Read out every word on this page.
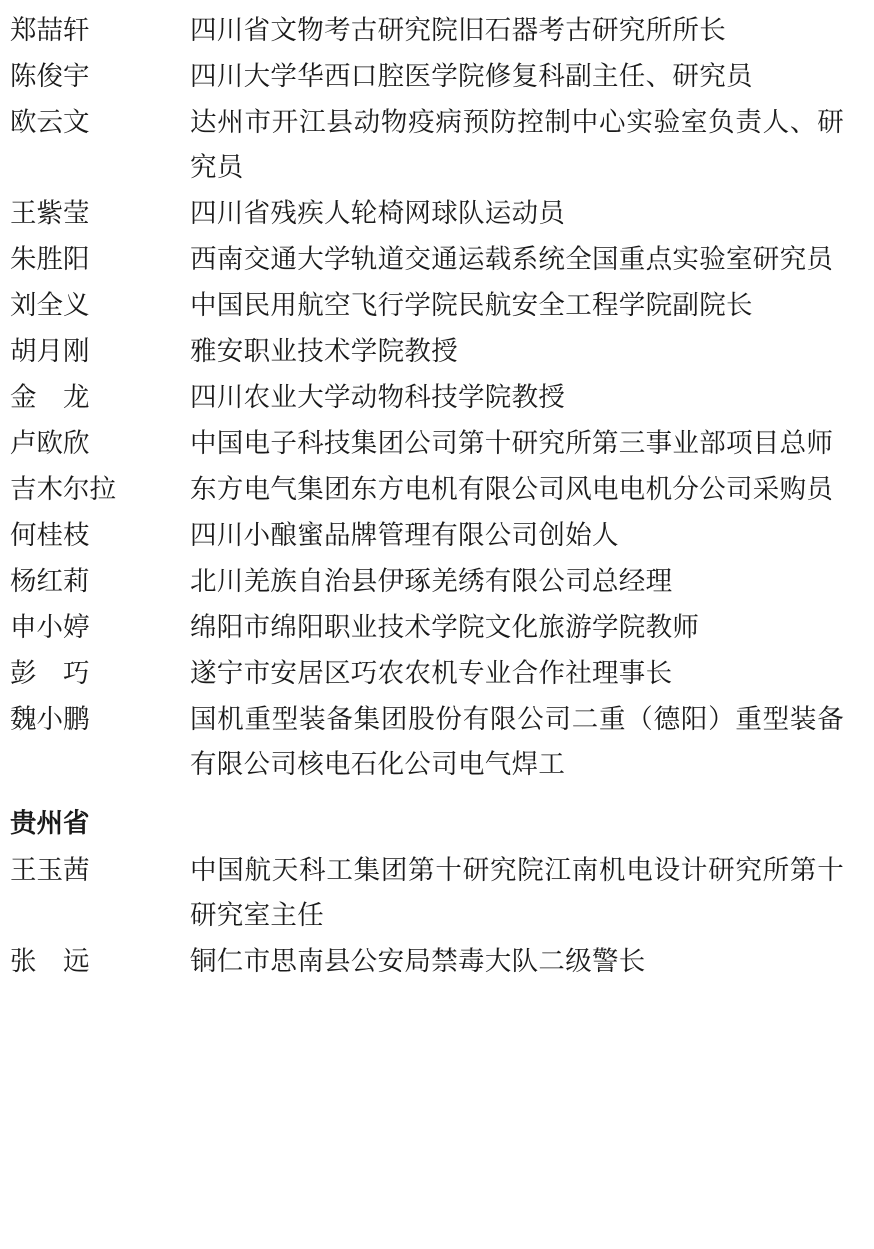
郑喆轩	四川省文物考古研究院旧石器考古研究所所长
陈俊宇	四川大学华西口腔医学院修复科副主任、研究员
欧云文	达州市开江县动物疫病预防控制中心实验室负责人、研究员
王紫莹	四川省残疾人轮椅网球队运动员
朱胜阳	西南交通大学轨道交通运载系统全国重点实验室研究员
刘全义	中国民用航空飞行学院民航安全工程学院副院长
胡月刚	雅安职业技术学院教授
金　龙	四川农业大学动物科技学院教授
卢欧欣	中国电子科技集团公司第十研究所第三事业部项目总师
吉木尔拉	东方电气集团东方电机有限公司风电电机分公司采购员
何桂枝	四川小酿蜜品牌管理有限公司创始人
杨红莉	北川羌族自治县伊琢羌绣有限公司总经理
申小婷	绵阳市绵阳职业技术学院文化旅游学院教师
彭　巧	遂宁市安居区巧农农机专业合作社理事长
魏小鹏	国机重型装备集团股份有限公司二重（德阳）重型装备有限公司核电石化公司电气焊工
贵州省
王玉茜	中国航天科工集团第十研究院江南机电设计研究所第十研究室主任
张　远	铜仁市思南县公安局禁毒大队二级警长
